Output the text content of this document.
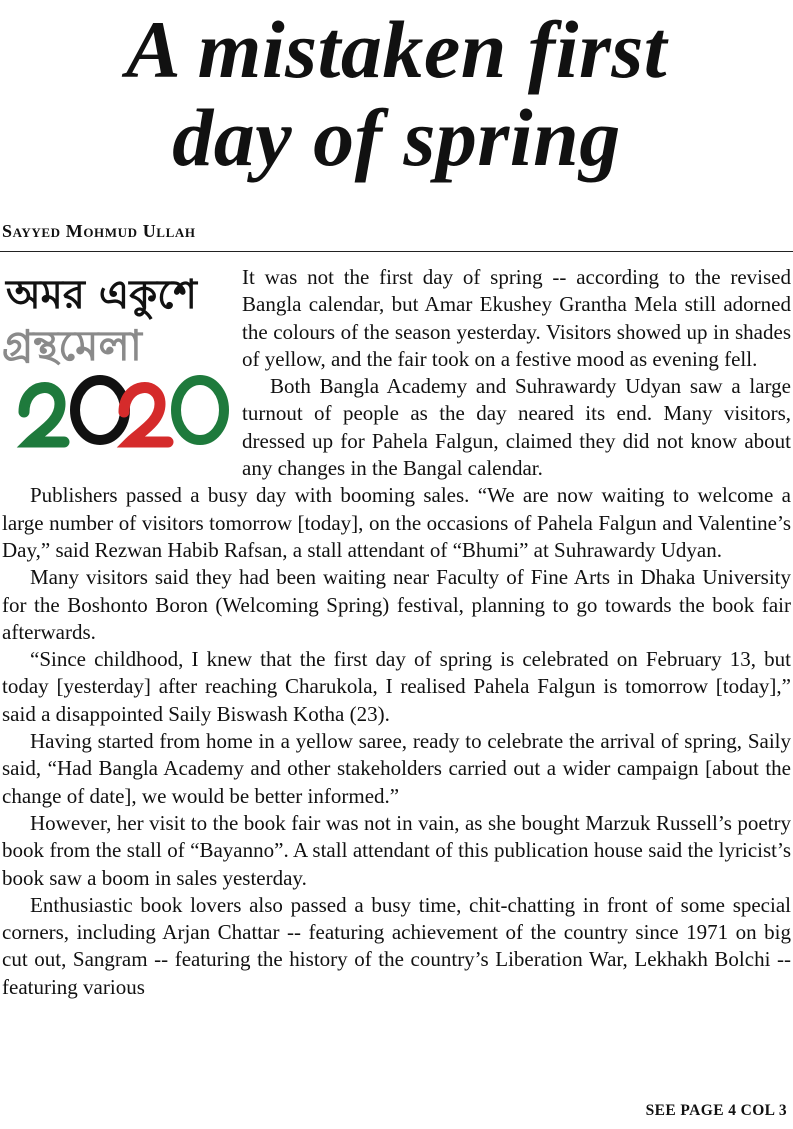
A mistaken first
day of spring
Sayyed Mohmud Ullah
অমর একুশে
গ্রন্থমেলা

It was not the first day of spring -- according to the revised Bangla calendar, but Amar Ekushey Grantha Mela still adorned the colours of the season yesterday. Visitors showed up in shades of yellow, and the fair took on a festive mood as evening fell.

Both Bangla Academy and Suhrawardy Udyan saw a large turnout of people as the day neared its end. Many visitors, dressed up for Pahela Falgun, claimed they did not know about any changes in the Bangal calendar.

Publishers passed a busy day with booming sales. “We are now waiting to welcome a large number of visitors tomorrow [today], on the occasions of Pahela Falgun and Valentine’s Day,” said Rezwan Habib Rafsan, a stall attendant of “Bhumi” at Suhrawardy Udyan.

Many visitors said they had been waiting near Faculty of Fine Arts in Dhaka University for the Boshonto Boron (Welcoming Spring) festival, planning to go towards the book fair afterwards.

“Since childhood, I knew that the first day of spring is celebrated on February 13, but today [yesterday] after reaching Charukola, I realised Pahela Falgun is tomorrow [today],” said a disappointed Saily Biswash Kotha (23).

Having started from home in a yellow saree, ready to celebrate the arrival of spring, Saily said, “Had Bangla Academy and other stakeholders carried out a wider campaign [about the change of date], we would be better informed.”

However, her visit to the book fair was not in vain, as she bought Marzuk Russell’s poetry book from the stall of “Bayanno”. A stall attendant of this publication house said the lyricist’s book saw a boom in sales yesterday.

Enthusiastic book lovers also passed a busy time, chit-chatting in front of some special corners, including Arjan Chattar -- featuring achievement of the country since 1971 on big cut out, Sangram -- featuring the history of the country’s Liberation War, Lekhakh Bolchi -- featuring various

SEE PAGE 4 COL 3
